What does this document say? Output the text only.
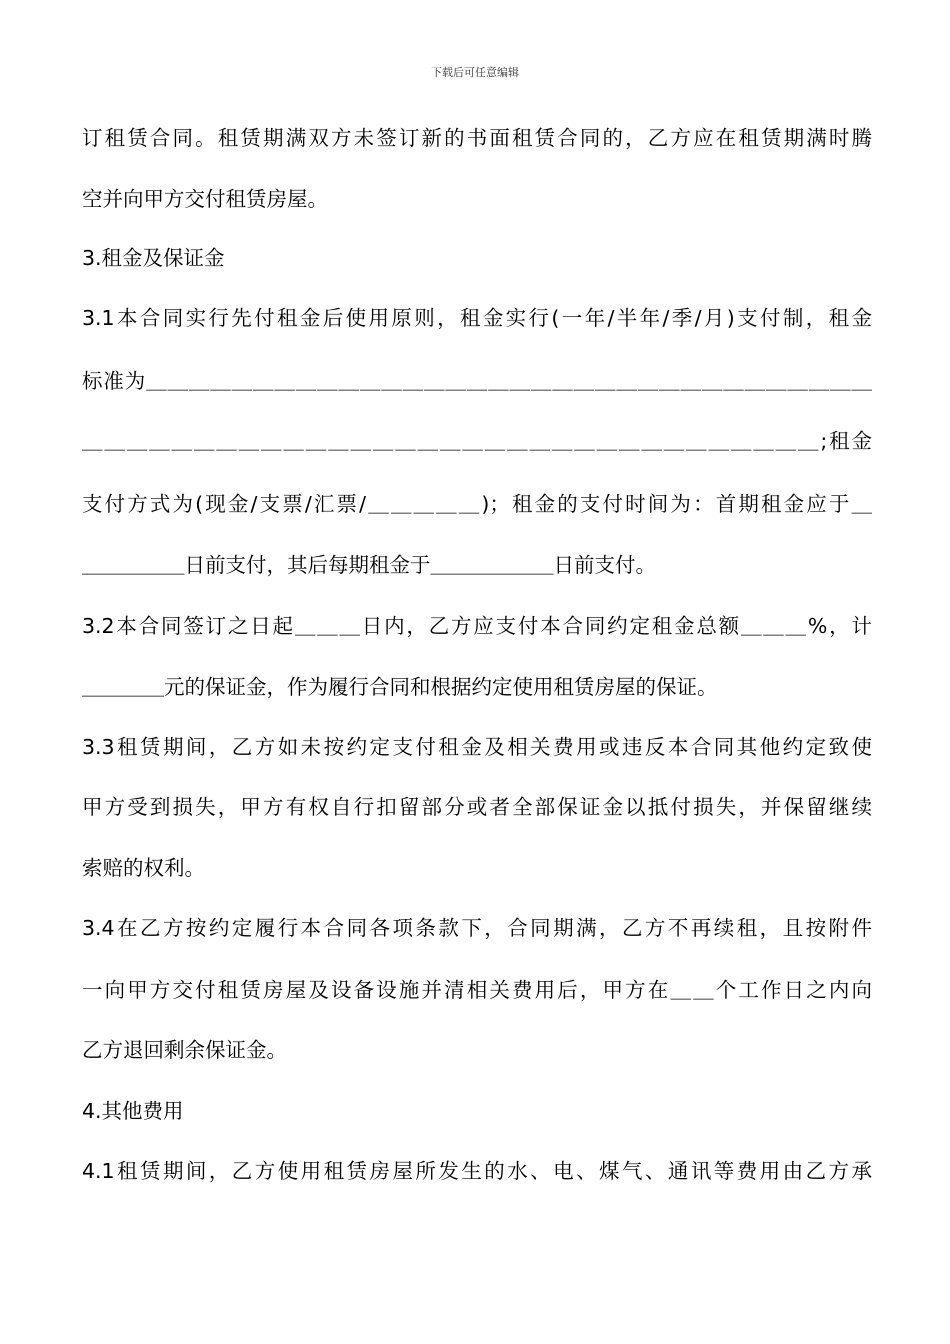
下载后可任意编辑
订租赁合同。租赁期满双方未签订新的书面租赁合同的，乙方应在租赁期满时腾
空并向甲方交付租赁房屋。
3.租金及保证金
3.1本合同实行先付租金后使用原则，租金实行(一年/半年/季/月)支付制，租金
标准为＿＿＿＿＿＿＿＿＿＿＿＿＿＿＿＿＿＿＿＿＿＿＿＿＿＿＿＿＿＿＿＿＿＿
＿＿＿＿＿＿＿＿＿＿＿＿＿＿＿＿＿＿＿＿＿＿＿＿＿＿＿＿＿＿＿＿＿;租金
支付方式为(现金/支票/汇票/＿＿＿＿＿)；租金的支付时间为：首期租金应于＿
＿＿＿＿＿日前支付，其后每期租金于＿＿＿＿＿＿日前支付。
3.2本合同签订之日起＿＿＿日内，乙方应支付本合同约定租金总额＿＿＿%，计
＿＿＿＿元的保证金，作为履行合同和根据约定使用租赁房屋的保证。
3.3租赁期间，乙方如未按约定支付租金及相关费用或违反本合同其他约定致使
甲方受到损失，甲方有权自行扣留部分或者全部保证金以抵付损失，并保留继续
索赔的权利。
3.4在乙方按约定履行本合同各项条款下，合同期满，乙方不再续租，且按附件
一向甲方交付租赁房屋及设备设施并清相关费用后，甲方在＿＿个工作日之内向
乙方退回剩余保证金。
4.其他费用
4.1租赁期间，乙方使用租赁房屋所发生的水、电、煤气、通讯等费用由乙方承
